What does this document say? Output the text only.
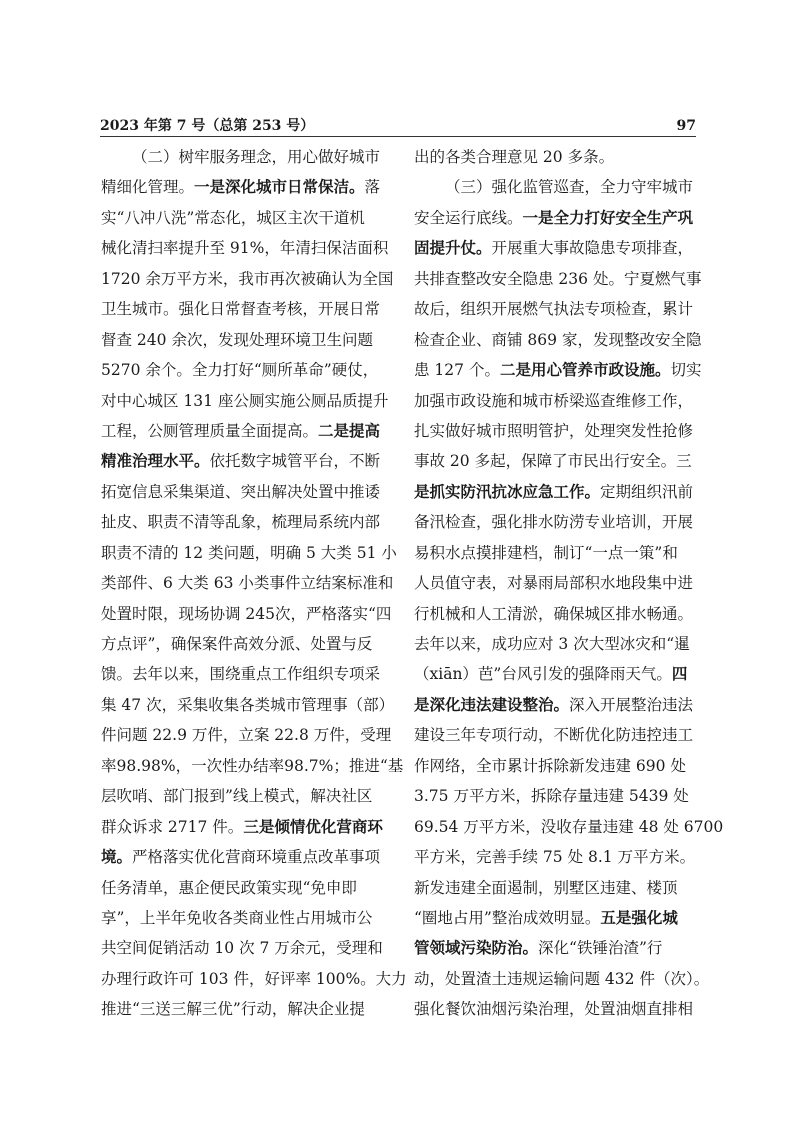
2023 年第 7 号（总第 253 号）	97
（二）树牢服务理念，用心做好城市
精细化管理。一是深化城市日常保洁。落
实“八冲八洗”常态化，城区主次干道机
械化清扫率提升至 91%，年清扫保洁面积
1720 余万平方米，我市再次被确认为全国
卫生城市。强化日常督查考核，开展日常
督查 240 余次，发现处理环境卫生问题
5270 余个。全力打好“厕所革命”硬仗，
对中心城区 131 座公厕实施公厕品质提升
工程，公厕管理质量全面提高。二是提高
精准治理水平。依托数字城管平台，不断
拓宽信息采集渠道、突出解决处置中推诿
扯皮、职责不清等乱象，梳理局系统内部
职责不清的 12 类问题，明确 5 大类 51 小
类部件、6 大类 63 小类事件立结案标准和
处置时限，现场协调 245次，严格落实“四
方点评”，确保案件高效分派、处置与反
馈。去年以来，围绕重点工作组织专项采
集 47 次，采集收集各类城市管理事（部）
件问题 22.9 万件，立案 22.8 万件，受理
率98.98%，一次性办结率98.7%；推进“基
层吹哨、部门报到”线上模式，解决社区
群众诉求 2717 件。三是倾情优化营商环
境。严格落实优化营商环境重点改革事项
任务清单，惠企便民政策实现“免申即
享”，上半年免收各类商业性占用城市公
共空间促销活动 10 次 7 万余元，受理和
办理行政许可 103 件，好评率 100%。大力
推进“三送三解三优”行动，解决企业提
出的各类合理意见 20 多条。
（三）强化监管巡查，全力守牢城市
安全运行底线。一是全力打好安全生产巩
固提升仗。开展重大事故隐患专项排查，
共排查整改安全隐患 236 处。宁夏燃气事
故后，组织开展燃气执法专项检查，累计
检查企业、商铺 869 家，发现整改安全隐
患 127 个。二是用心管养市政设施。切实
加强市政设施和城市桥梁巡查维修工作，
扎实做好城市照明管护，处理突发性抢修
事故 20 多起，保障了市民出行安全。三
是抓实防汛抗冰应急工作。定期组织汛前
备汛检查，强化排水防涝专业培训，开展
易积水点摸排建档，制订“一点一策”和
人员值守表，对暴雨局部积水地段集中进
行机械和人工清淤，确保城区排水畅通。
去年以来，成功应对 3 次大型冰灾和“暹
（xiān）芭”台风引发的强降雨天气。四
是深化违法建设整治。深入开展整治违法
建设三年专项行动，不断优化防违控违工
作网络，全市累计拆除新发违建 690 处
3.75 万平方米，拆除存量违建 5439 处
69.54 万平方米，没收存量违建 48 处 6700
平方米，完善手续 75 处 8.1 万平方米。
新发违建全面遏制，别墅区违建、楼顶
“圈地占用”整治成效明显。五是强化城
管领域污染防治。深化“铁锤治渣”行
动，处置渣土违规运输问题 432 件（次）。
强化餐饮油烟污染治理，处置油烟直排相
